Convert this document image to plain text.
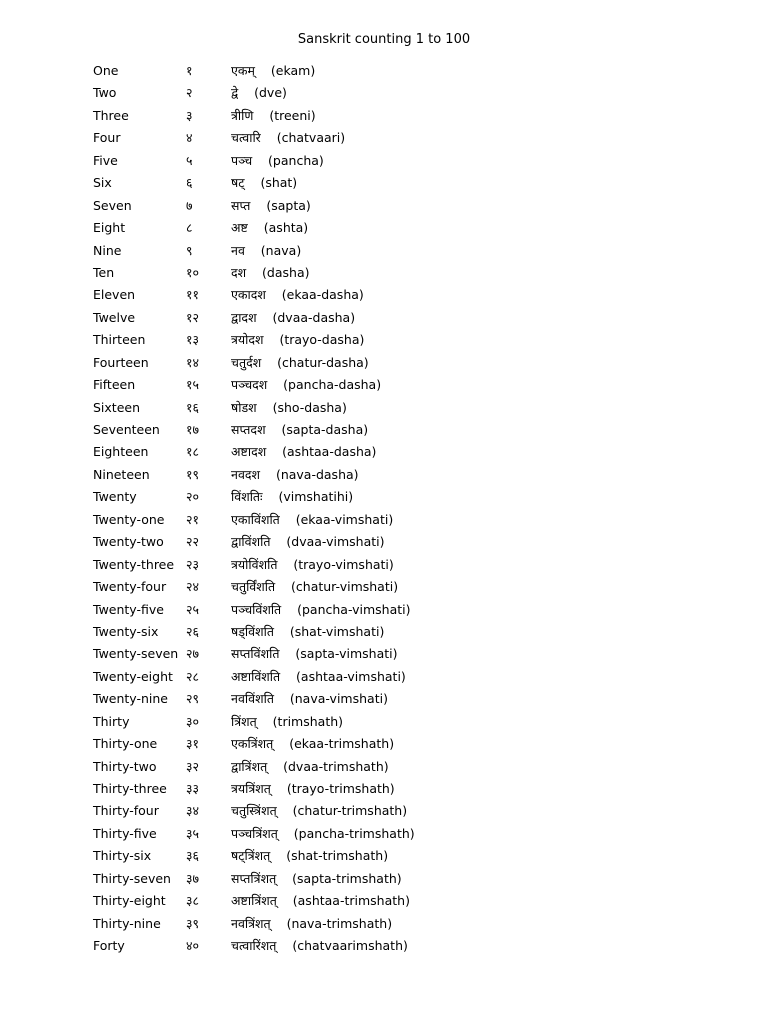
Sanskrit counting 1 to 100
One	१	एकम् (ekam)
Two	२	द्वे (dve)
Three	३	त्रीणि (treeni)
Four	४	चत्वारि (chatvaari)
Five	५	पञ्च (pancha)
Six	६	षट् (shat)
Seven	७	सप्त (sapta)
Eight	८	अष्ट (ashta)
Nine	९	नव (nava)
Ten	१०	दश (dasha)
Eleven	११	एकादश (ekaa-dasha)
Twelve	१२	द्वादश (dvaa-dasha)
Thirteen	१३	त्रयोदश (trayo-dasha)
Fourteen	१४	चतुर्दश (chatur-dasha)
Fifteen	१५	पञ्चदश (pancha-dasha)
Sixteen	१६	षोडश (sho-dasha)
Seventeen १७	सप्तदश (sapta-dasha)
Eighteen	१८	अष्टादश (ashtaa-dasha)
Nineteen	१९	नवदश (nava-dasha)
Twenty	२०	विंशतिः (vimshatihi)
Twenty-one २१	एकाविंशति (ekaa-vimshati)
Twenty-two २२	द्वाविंशति (dvaa-vimshati)
Twenty-three २३	त्रयोविंशति (trayo-vimshati)
Twenty-four २४	चतुर्विंशति (chatur-vimshati)
Twenty-five २५	पञ्चविंशति (pancha-vimshati)
Twenty-six २६	षड्विंशति (shat-vimshati)
Twenty-seven २७	सप्तविंशति (sapta-vimshati)
Twenty-eight २८	अष्टाविंशति (ashtaa-vimshati)
Twenty-nine २९	नवविंशति (nava-vimshati)
Thirty	३०	त्रिंशत् (trimshath)
Thirty-one ३१	एकत्रिंशत् (ekaa-trimshath)
Thirty-two ३२	द्वात्रिंशत् (dvaa-trimshath)
Thirty-three ३३	त्रयत्रिंशत् (trayo-trimshath)
Thirty-four ३४	चतुस्त्रिंशत् (chatur-trimshath)
Thirty-five ३५	पञ्चत्रिंशत् (pancha-trimshath)
Thirty-six	३६	षट्त्रिंशत् (shat-trimshath)
Thirty-seven ३७	सप्तत्रिंशत् (sapta-trimshath)
Thirty-eight ३८	अष्टात्रिंशत् (ashtaa-trimshath)
Thirty-nine ३९	नवत्रिंशत् (nava-trimshath)
Forty	४०	चत्वारिंशत् (chatvaarimshath)
